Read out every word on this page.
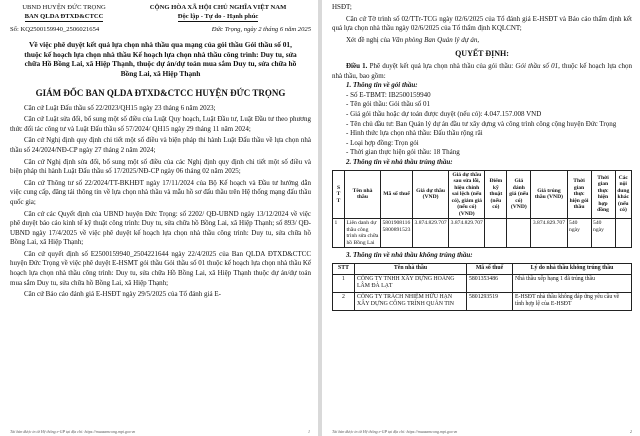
UBND HUYỆN ĐỨC TRỌNG
BAN QLDA ĐTXD&CTCC
CỘNG HÒA XÃ HỘI CHỦ NGHĨA VIỆT NAM
Độc lập - Tự do - Hạnh phúc
Số: KQ2500159940_2506021654	Đức Trọng, ngày 2 tháng 6 năm 2025
Về việc phê duyệt kết quả lựa chọn nhà thầu qua mạng của gói thầu Gói thầu số 01, thuộc kế hoạch lựa chọn nhà thầu Kế hoạch lựa chọn nhà thầu công trình: Duy tu, sửa chữa Hồ Bồng Lai, xã Hiệp Thạnh, thuộc dự án/dự toán mua sắm Duy tu, sửa chữa hồ Bồng Lai, xã Hiệp Thạnh
GIÁM ĐỐC BAN QLDA ĐTXD&CTCC HUYỆN ĐỨC TRỌNG
Căn cứ Luật Đấu thầu số 22/2023/QH15 ngày 23 tháng 6 năm 2023;
Căn cứ Luật sửa đổi, bổ sung một số điều của Luật Quy hoạch, Luật Đầu tư, Luật Đầu tư theo phương thức đối tác công tư và Luật Đấu thầu số 57/2024/ QH15 ngày 29 tháng 11 năm 2024;
Căn cứ Nghị định quy định chi tiết một số điều và biện pháp thi hành Luật Đấu thầu về lựa chọn nhà thầu số 24/2024/NĐ-CP ngày 27 tháng 2 năm 2024;
Căn cứ Nghị định sửa đổi, bổ sung một số điều của các Nghị định quy định chi tiết một số điều và biện pháp thi hành Luật Đấu thầu số 17/2025/NĐ-CP ngày 06 tháng 02 năm 2025;
Căn cứ Thông tư số 22/2024/TT-BKHĐT ngày 17/11/2024 của Bộ Kế hoạch và Đầu tư hướng dẫn việc cung cấp, đăng tải thông tin về lựa chọn nhà thầu và mẫu hồ sơ đấu thầu trên Hệ thống mạng đấu thầu quốc gia;
Căn cứ các Quyết định của UBND huyện Đức Trọng: số 2202/ QĐ-UBND ngày 13/12/2024 về việc phê duyệt báo cáo kinh tế kỹ thuật công trình: Duy tu, sửa chữa hồ Bồng Lai, xã Hiệp Thạnh; số 893/ QĐ- UBND ngày 17/4/2025 về việc phê duyệt kế hoạch lựa chọn nhà thầu công trình: Duy tu, sửa chữa hồ Bồng Lai, xã Hiệp Thạnh;
Căn cứ quyết định số E2500159940_2504221644 ngày 22/4/2025 của Ban QLDA ĐTXD&CTCC huyện Đức Trọng về việc phê duyệt E-HSMT gói thầu Gói thầu số 01 thuộc kế hoạch lựa chọn nhà thầu Kế hoạch lựa chọn nhà thầu công trình: Duy tu, sửa chữa Hồ Bồng Lai, xã Hiệp Thạnh thuộc dự án/dự toán mua sắm Duy tu, sửa chữa hồ Bồng Lai, xã Hiệp Thạnh;
Căn cứ Báo cáo đánh giá E-HSĐT ngày 29/5/2025 của Tổ đánh giá E-
Tải bản được in từ Hệ thống e-GP tại địa chỉ: https://muasamcong.mpi.gov.vn	1
HSĐT;
Căn cứ Tờ trình số 02/TTr-TCG ngày 02/6/2025 của Tổ đánh giá E-HSĐT và Báo cáo thẩm định kết quả lựa chọn nhà thầu ngày 02/6/2025 của Tổ thẩm định KQLCNT;
Xét đề nghị của Văn phòng Ban Quản lý dự án,
QUYẾT ĐỊNH:
Điều 1. Phê duyệt kết quả lựa chọn nhà thầu của gói thầu: Gói thầu số 01, thuộc kế hoạch lựa chọn nhà thầu, bao gồm:
1. Thông tin về gói thầu:
- Số E-TBMT: IB2500159940
- Tên gói thầu: Gói thầu số 01
- Giá gói thầu hoặc dự toán được duyệt (nếu có): 4.047.157.008 VND
- Tên chủ đầu tư: Ban Quản lý dự án đầu tư xây dựng và công trình công cộng huyện Đức Trọng
- Hình thức lựa chọn nhà thầu: Đấu thầu rộng rãi
- Loại hợp đồng: Trọn gói
- Thời gian thực hiện gói thầu: 18 Tháng
2. Thông tin về nhà thầu trúng thầu:
S T T	Tên nhà thầu	Mã số thuế	Giá dự thầu (VND)	Giá dự thầu sau sửa lỗi, hiệu chỉnh sai lệch (nếu có), giảm giá (nếu có) (VND)	Điểm kỹ thuật (nếu có)	Giá đánh giá (nếu có) (VND)	Giá trúng thầu (VND)	Thời gian thực hiện gói thầu	Thời gian thực hiện hợp đồng	Các nội dung khác (nếu có)
1	Liên danh dự thầu công trình sửa chữa hồ Bồng Lai	5801908116 5800891523	3.874.829.707	3.874.829.707			3.874.829.707	540 ngày	540 ngày	
3. Thông tin về nhà thầu không trúng thầu:
STT	Tên nhà thầu	Mã số thuế	Lý do nhà thầu không trúng thầu
1	CÔNG TY TNHH XÂY DỰNG HOÀNG LÂM ĐÀ LẠT	5801353486	Nhà thầu xếp hạng 1 đã trúng thầu
2	CÔNG TY TRÁCH NHIỆM HỮU HẠN XÂY DỰNG CÔNG TRÌNH QUẢN TIN	5801293519	E-HSĐT nhà thầu không đáp ứng yêu cầu về tính hợp lệ của E-HSĐT
Tải bản được in từ Hệ thống e-GP tại địa chỉ: https://muasamcong.mpi.gov.vn	2
